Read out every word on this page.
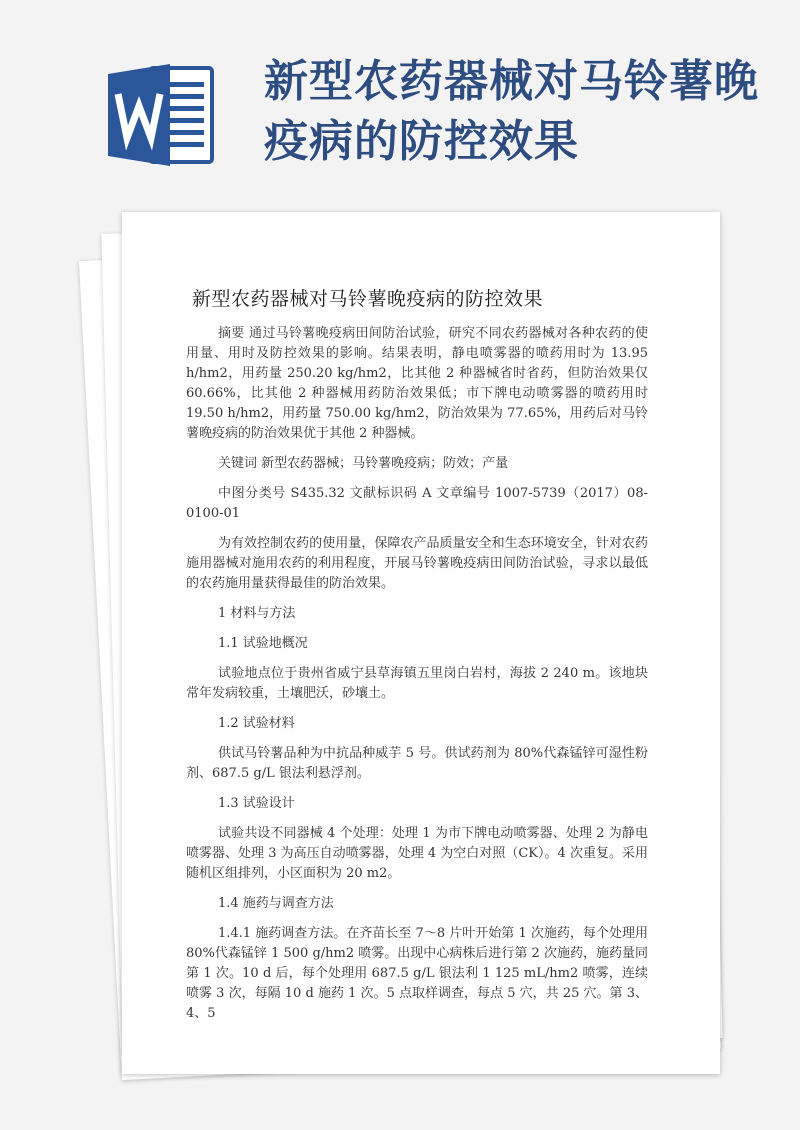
新型农药器械对马铃薯晚疫病的防控效果
新型农药器械对马铃薯晚疫病的防控效果

摘要 通过马铃薯晚疫病田间防治试验，研究不同农药器械对各种农药的使用量、用时及防控效果的影响。结果表明，静电喷雾器的喷药用时为 13.95 h/hm2，用药量 250.20 kg/hm2，比其他 2 种器械省时省药，但防治效果仅 60.66%，比其他 2 种器械用药防治效果低；市下牌电动喷雾器的喷药用时 19.50 h/hm2，用药量 750.00 kg/hm2，防治效果为 77.65%，用药后对马铃薯晚疫病的防治效果优于其他 2 种器械。

关键词 新型农药器械；马铃薯晚疫病；防效；产量

中图分类号 S435.32 文献标识码 A 文章编号 1007-5739（2017）08-0100-01

为有效控制农药的使用量，保障农产品质量安全和生态环境安全，针对农药施用器械对施用农药的利用程度，开展马铃薯晚疫病田间防治试验，寻求以最低的农药施用量获得最佳的防治效果。

1 材料与方法

1.1 试验地概况

试验地点位于贵州省威宁县草海镇五里岗白岩村，海拔 2 240 m。该地块常年发病较重，土壤肥沃，砂壤土。

1.2 试验材料

供试马铃薯品种为中抗品种威芋 5 号。供试药剂为 80%代森锰锌可湿性粉剂、687.5 g/L 银法利悬浮剂。

1.3 试验设计

试验共设不同器械 4 个处理：处理 1 为市下牌电动喷雾器、处理 2 为静电喷雾器、处理 3 为高压自动喷雾器，处理 4 为空白对照（CK）。4 次重复。采用随机区组排列，小区面积为 20 m2。

1.4 施药与调查方法

1.4.1 施药调查方法。在齐苗长至 7～8 片叶开始第 1 次施药，每个处理用 80%代森锰锌 1 500 g/hm2 喷雾。出现中心病株后进行第 2 次施药，施药量同第 1 次。10 d 后，每个处理用 687.5 g/L 银法利 1 125 mL/hm2 喷雾，连续喷雾 3 次，每隔 10 d 施药 1 次。5 点取样调查，每点 5 穴，共 25 穴。第 3、4、5
